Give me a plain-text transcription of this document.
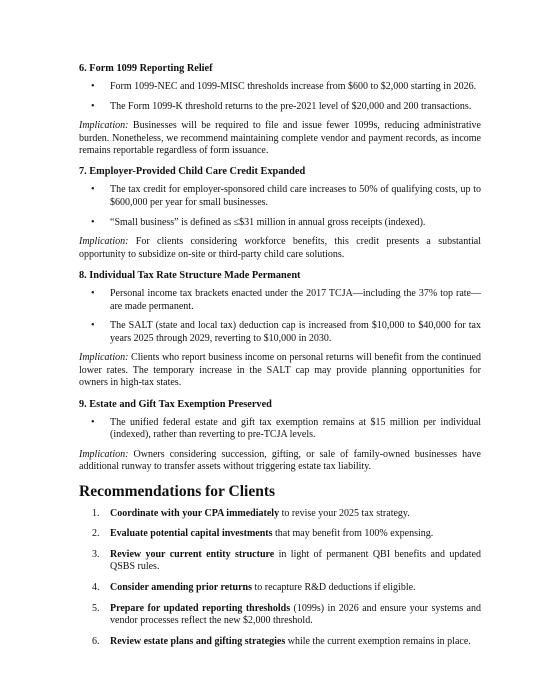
6. Form 1099 Reporting Relief
• Form 1099-NEC and 1099-MISC thresholds increase from $600 to $2,000 starting in 2026.
• The Form 1099-K threshold returns to the pre-2021 level of $20,000 and 200 transactions.

Implication: Businesses will be required to file and issue fewer 1099s, reducing administrative burden. Nonetheless, we recommend maintaining complete vendor and payment records, as income remains reportable regardless of form issuance.

7. Employer-Provided Child Care Credit Expanded
• The tax credit for employer-sponsored child care increases to 50% of qualifying costs, up to $600,000 per year for small businesses.
• “Small business” is defined as ≤$31 million in annual gross receipts (indexed).

Implication: For clients considering workforce benefits, this credit presents a substantial opportunity to subsidize on-site or third-party child care solutions.

8. Individual Tax Rate Structure Made Permanent
• Personal income tax brackets enacted under the 2017 TCJA—including the 37% top rate—are made permanent.
• The SALT (state and local tax) deduction cap is increased from $10,000 to $40,000 for tax years 2025 through 2029, reverting to $10,000 in 2030.

Implication: Clients who report business income on personal returns will benefit from the continued lower rates. The temporary increase in the SALT cap may provide planning opportunities for owners in high-tax states.

9. Estate and Gift Tax Exemption Preserved
• The unified federal estate and gift tax exemption remains at $15 million per individual (indexed), rather than reverting to pre-TCJA levels.

Implication: Owners considering succession, gifting, or sale of family-owned businesses have additional runway to transfer assets without triggering estate tax liability.

Recommendations for Clients
1. Coordinate with your CPA immediately to revise your 2025 tax strategy.
2. Evaluate potential capital investments that may benefit from 100% expensing.
3. Review your current entity structure in light of permanent QBI benefits and updated QSBS rules.
4. Consider amending prior returns to recapture R&D deductions if eligible.
5. Prepare for updated reporting thresholds (1099s) in 2026 and ensure your systems and vendor processes reflect the new $2,000 threshold.
6. Review estate plans and gifting strategies while the current exemption remains in place.
